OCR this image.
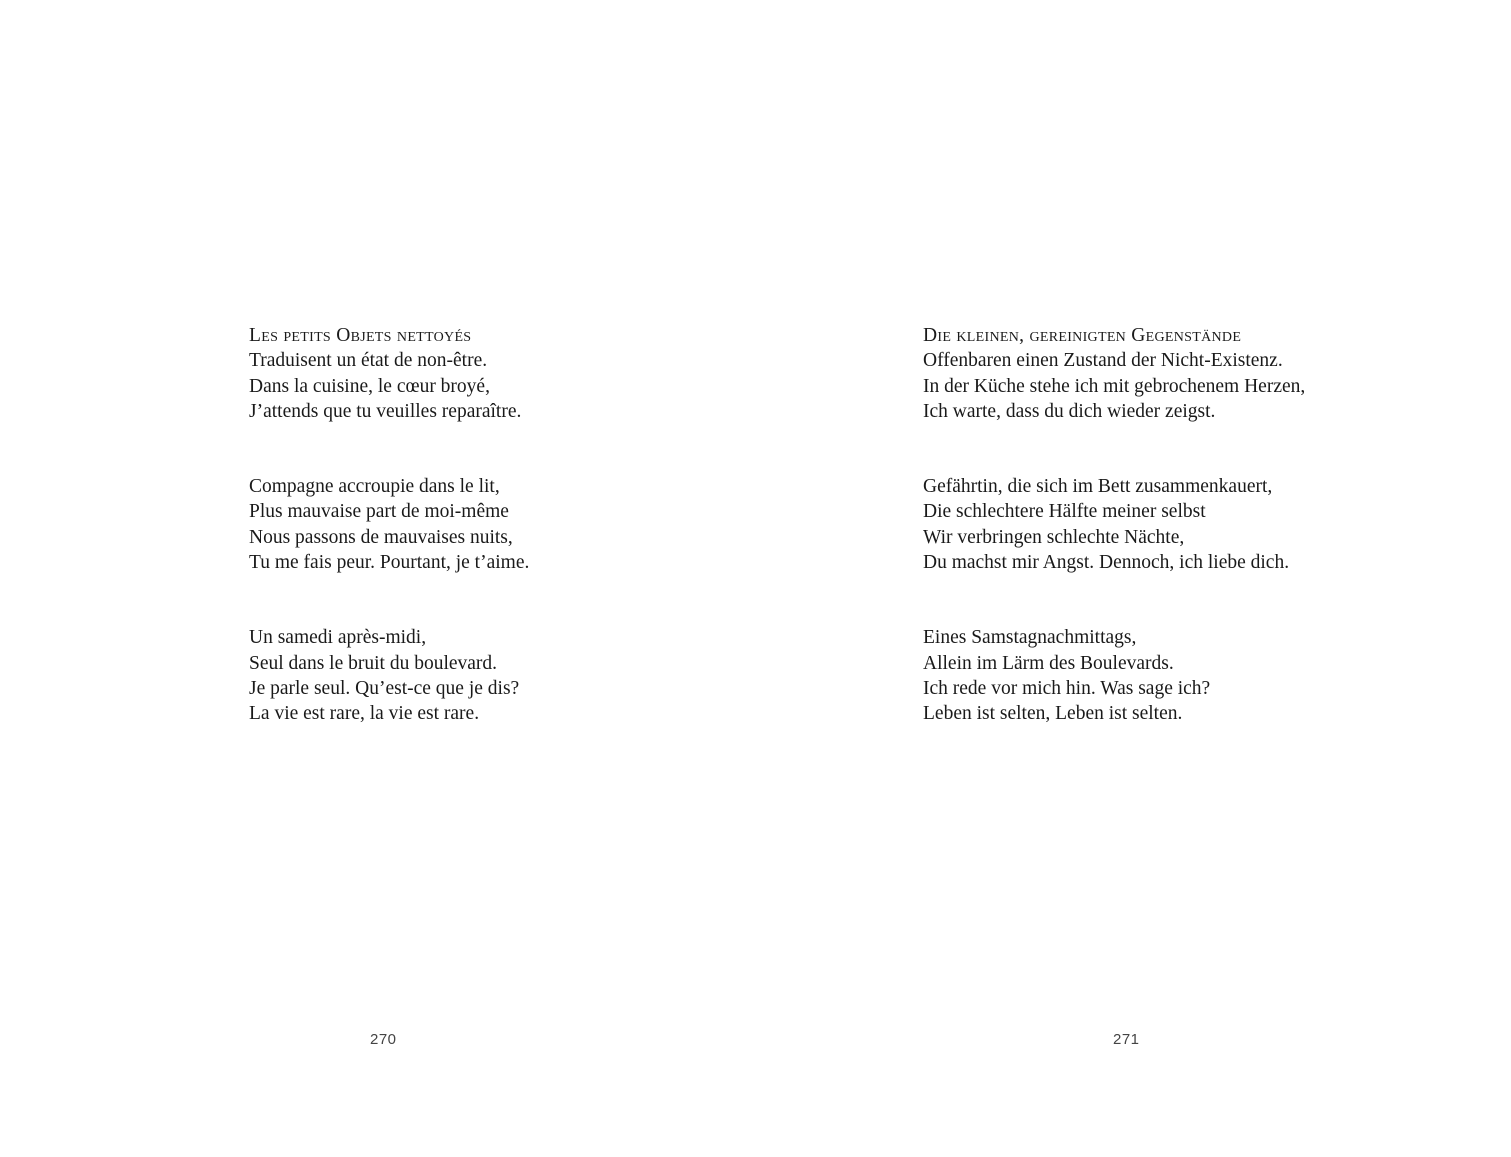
Les petits Objets nettoyés
Traduisent un état de non-être.
Dans la cuisine, le cœur broyé,
J’attends que tu veuilles reparaître.
Compagne accroupie dans le lit,
Plus mauvaise part de moi-même
Nous passons de mauvaises nuits,
Tu me fais peur. Pourtant, je t’aime.
Un samedi après-midi,
Seul dans le bruit du boulevard.
Je parle seul. Qu’est-ce que je dis?
La vie est rare, la vie est rare.
270
Die kleinen, gereinigten Gegenstände
Offenbaren einen Zustand der Nicht-Existenz.
In der Küche stehe ich mit gebrochenem Herzen,
Ich warte, dass du dich wieder zeigst.
Gefährtin, die sich im Bett zusammenkauert,
Die schlechtere Hälfte meiner selbst
Wir verbringen schlechte Nächte,
Du machst mir Angst. Dennoch, ich liebe dich.
Eines Samstagnachmittags,
Allein im Lärm des Boulevards.
Ich rede vor mich hin. Was sage ich?
Leben ist selten, Leben ist selten.
271
